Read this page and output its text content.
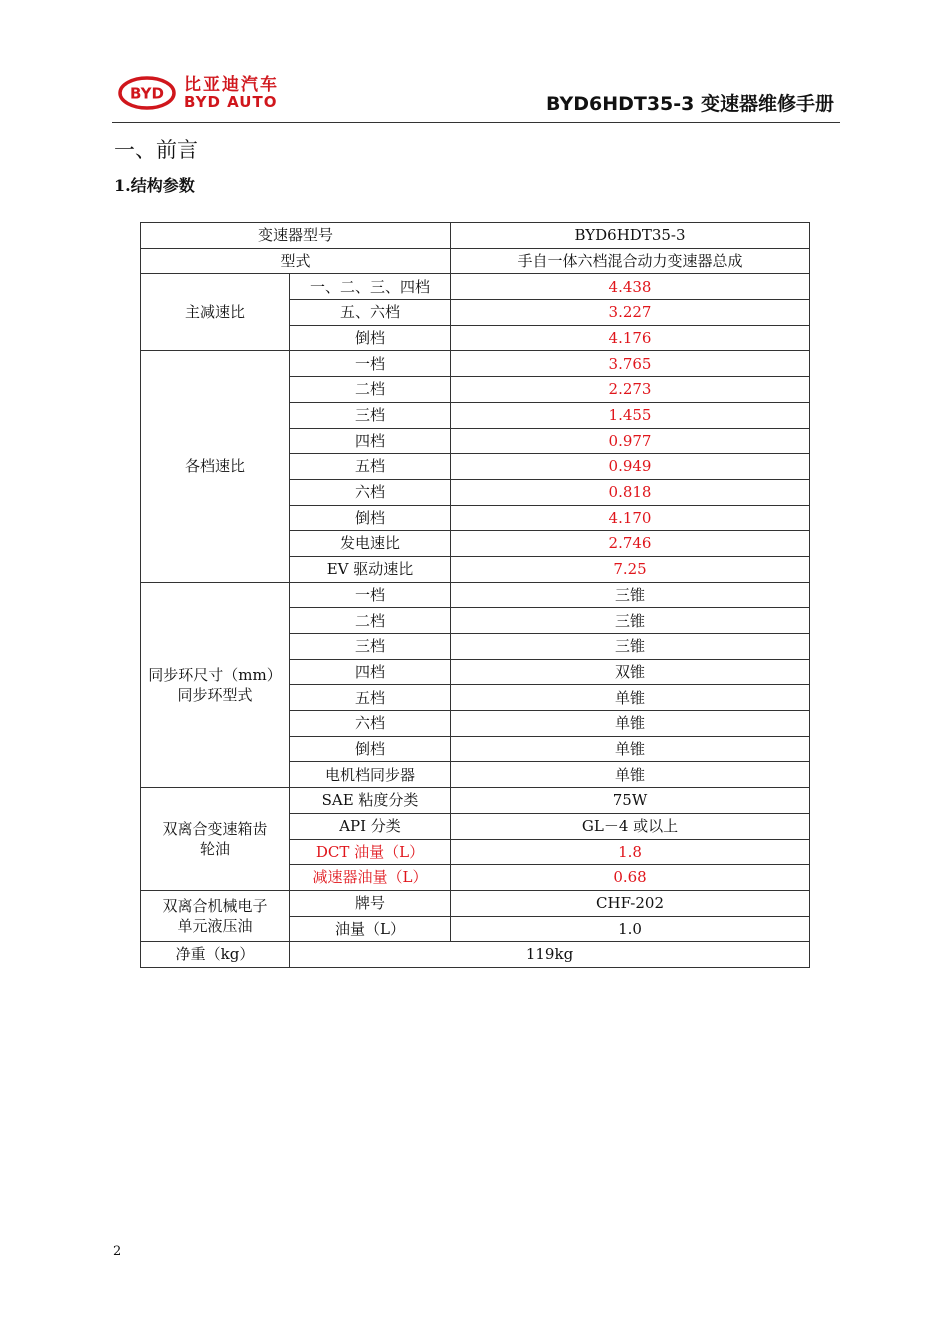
BYD 比亚迪汽车
BYD AUTO	BYD6HDT35-3 变速器维修手册
一、前言
1.结构参数
变速器型号		BYD6HDT35-3
型式		手自一体六档混合动力变速器总成
主减速比	一、二、三、四档	4.438
	五、六档	3.227
	倒档	4.176
各档速比	一档	3.765
	二档	2.273
	三档	1.455
	四档	0.977
	五档	0.949
	六档	0.818
	倒档	4.170
	发电速比	2.746
	EV 驱动速比	7.25

同步环尺寸（mm）
同步环型式	一档	三锥
	二档	三锥
	三档	三锥
	四档	双锥
	五档	单锥
	六档	单锥
	倒档	单锥
	电机档同步器	单锥

双离合变速箱齿
轮油	SAE 粘度分类	75W
	API 分类	GL－4 或以上
	DCT 油量（L）	1.8
	减速器油量（L）	0.68

双离合机械电子
单元液压油	牌号	CHF-202
	油量（L）	1.0
净重（kg）	119kg	
2
